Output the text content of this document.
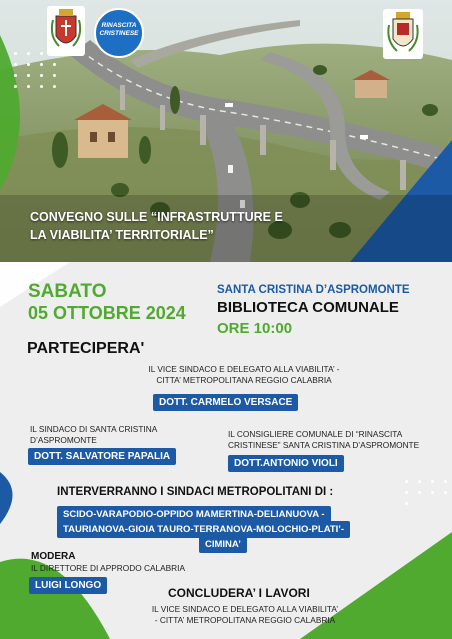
RINASCITA
CRISTINESE
CONVEGNO SULLE “INFRASTRUTTURE E
LA VIABILITA’ TERRITORIALE”
SABATO
05 OTTOBRE 2024
SANTA CRISTINA D’ASPROMONTE
BIBLIOTECA COMUNALE
ORE 10:00
PARTECIPERA'
IL VICE SINDACO E DELEGATO ALLA VIABILITA’ -
CITTA’ METROPOLITANA REGGIO CALABRIA
DOTT. CARMELO VERSACE
IL SINDACO DI SANTA CRISTINA
D’ASPROMONTE
DOTT. SALVATORE PAPALIA
IL CONSIGLIERE COMUNALE DI “RINASCITA
CRISTINESE” SANTA CRISTINA D’ASPROMONTE
DOTT.ANTONIO VIOLI
INTERVERRANNO I SINDACI METROPOLITANI DI :
SCIDO-VARAPODIO-OPPIDO MAMERTINA-DELIANUOVA -
TAURIANOVA-GIOIA TAURO-TERRANOVA-MOLOCHIO-PLATI’-
CIMINA’
MODERA
IL DIRETTORE DI APPRODO CALABRIA
LUIGI LONGO
CONCLUDERA’ I LAVORI
IL VICE SINDACO E DELEGATO ALLA VIABILITA’
- CITTA’ METROPOLITANA REGGIO CALABRIA
